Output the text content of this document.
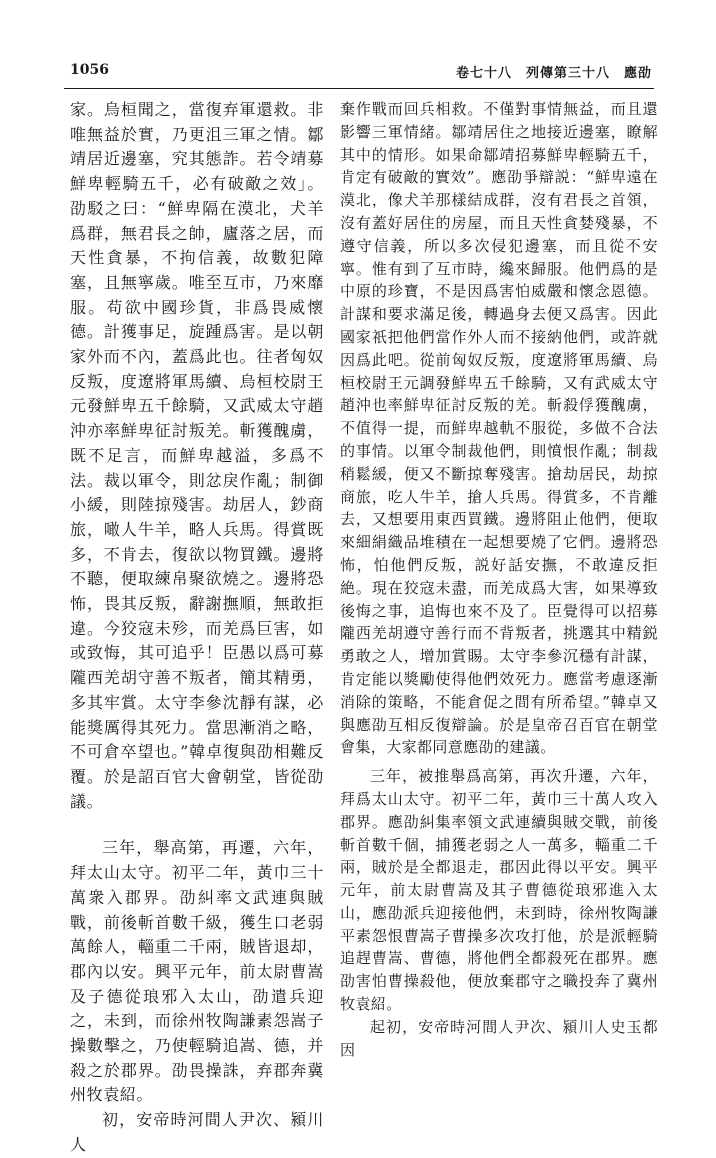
1056	卷七十八　列傳第三十八　應劭

家。烏桓聞之，當復弃軍還救。非唯無益於實，乃更沮三軍之情。鄒靖居近邊塞，究其態詐。若令靖募鮮卑輕騎五千，必有破敵之效」。劭駁之曰：“鮮卑隔在漠北，犬羊爲群，無君長之帥，廬落之居，而天性貪暴，不拘信義，故數犯障塞，且無寧歲。唯至互市，乃來靡服。苟欲中國珍貨，非爲畏威懷德。計獲事足，旋踵爲害。是以朝家外而不內，蓋爲此也。往者匈奴反叛，度遼將軍馬續、烏桓校尉王元發鮮卑五千餘騎，又武威太守趙沖亦率鮮卑征討叛羌。斬獲醜虜，既不足言，而鮮卑越溢，多爲不法。裁以軍令，則忿戾作亂；制御小緩，則陸掠殘害。劫居人，鈔商旅，噉人牛羊，略人兵馬。得賞既多，不肯去，復欲以物買鐵。邊將不聽，便取練帛聚欲燒之。邊將恐怖，畏其反叛，辭謝撫順，無敢拒違。今狡寇未殄，而羌爲巨害，如或致悔，其可追乎！臣愚以爲可募隴西羌胡守善不叛者，簡其精勇，多其牢賞。太守李參沈靜有謀，必能獎厲得其死力。當思漸消之略，不可倉卒望也。”韓卓復與劭相難反覆。於是詔百官大會朝堂，皆從劭議。

三年，舉高第，再遷，六年，拜太山太守。初平二年，黃巾三十萬衆入郡界。劭糾率文武連與賊戰，前後斬首數千級，獲生口老弱萬餘人，輜重二千兩，賊皆退却，郡內以安。興平元年，前太尉曹嵩及子德從琅邪入太山，劭遣兵迎之，未到，而徐州牧陶謙素怨嵩子操數擊之，乃使輕騎追嵩、德，并殺之於郡界。劭畏操誅，弃郡奔冀州牧袁紹。

初，安帝時河間人尹次、潁川人

棄作戰而回兵相救。不僅對事情無益，而且還影響三軍情緒。鄒靖居住之地接近邊塞，瞭解其中的情形。如果命鄒靖招募鮮卑輕騎五千，肯定有破敵的實效”。應劭爭辯説：“鮮卑遠在漠北，像犬羊那樣結成群，沒有君長之首領，沒有蓋好居住的房屋，而且天性貪婪殘暴，不遵守信義，所以多次侵犯邊塞，而且從不安寧。惟有到了互市時，纔來歸服。他們爲的是中原的珍寶，不是因爲害怕威嚴和懷念恩德。計謀和要求滿足後，轉過身去便又爲害。因此國家祇把他們當作外人而不接納他們，或許就因爲此吧。從前匈奴反叛，度遼將軍馬續、烏桓校尉王元調發鮮卑五千餘騎，又有武威太守趙沖也率鮮卑征討反叛的羌。斬殺俘獲醜虜，不值得一提，而鮮卑越軌不服從，多做不合法的事情。以軍令制裁他們，則憤恨作亂；制裁稍鬆緩，便又不斷掠奪殘害。搶劫居民，劫掠商旅，吃人牛羊，搶人兵馬。得賞多，不肯離去，又想要用東西買鐵。邊將阻止他們，便取來細絹織品堆積在一起想要燒了它們。邊將恐怖，怕他們反叛，説好話安撫，不敢違反拒絶。現在狡寇未盡，而羌成爲大害，如果導致後悔之事，追悔也來不及了。臣覺得可以招募隴西羌胡遵守善行而不背叛者，挑選其中精鋭勇敢之人，增加賞賜。太守李參沉穩有計謀，肯定能以獎勵使得他們效死力。應當考慮逐漸消除的策略，不能倉促之間有所希望。”韓卓又與應劭互相反復辯論。於是皇帝召百官在朝堂會集，大家都同意應劭的建議。

三年，被推舉爲高第，再次升遷，六年，拜爲太山太守。初平二年，黃巾三十萬人攻入郡界。應劭糾集率領文武連續與賊交戰，前後斬首數千個，捕獲老弱之人一萬多，輜重二千兩，賊於是全都退走，郡因此得以平安。興平元年，前太尉曹嵩及其子曹德從琅邪進入太山，應劭派兵迎接他們，未到時，徐州牧陶謙平素怨恨曹嵩子曹操多次攻打他，於是派輕騎追趕曹嵩、曹德，將他們全都殺死在郡界。應劭害怕曹操殺他，便放棄郡守之職投奔了冀州牧袁紹。

起初，安帝時河間人尹次、潁川人史玉都因
